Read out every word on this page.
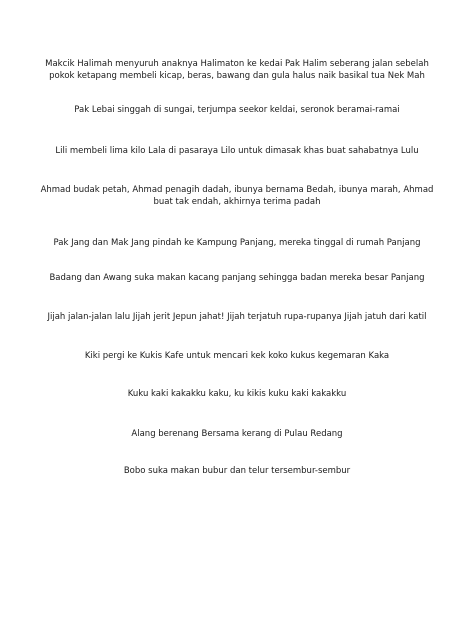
Makcik Halimah menyuruh anaknya Halimaton ke kedai Pak Halim seberang jalan sebelah
pokok ketapang membeli kicap, beras, bawang dan gula halus naik basikal tua Nek Mah

Pak Lebai singgah di sungai, terjumpa seekor keldai, seronok beramai-ramai

Lili membeli lima kilo Lala di pasaraya Lilo untuk dimasak khas buat sahabatnya Lulu

Ahmad budak petah, Ahmad penagih dadah, ibunya bernama Bedah, ibunya marah, Ahmad
buat tak endah, akhirnya terima padah

Pak Jang dan Mak Jang pindah ke Kampung Panjang, mereka tinggal di rumah Panjang

Badang dan Awang suka makan kacang panjang sehingga badan mereka besar Panjang

Jijah jalan-jalan lalu Jijah jerit Jepun jahat! Jijah terjatuh rupa-rupanya Jijah jatuh dari katil

Kiki pergi ke Kukis Kafe untuk mencari kek koko kukus kegemaran Kaka

Kuku kaki kakakku kaku, ku kikis kuku kaki kakakku

Alang berenang Bersama kerang di Pulau Redang

Bobo suka makan bubur dan telur tersembur-sembur
